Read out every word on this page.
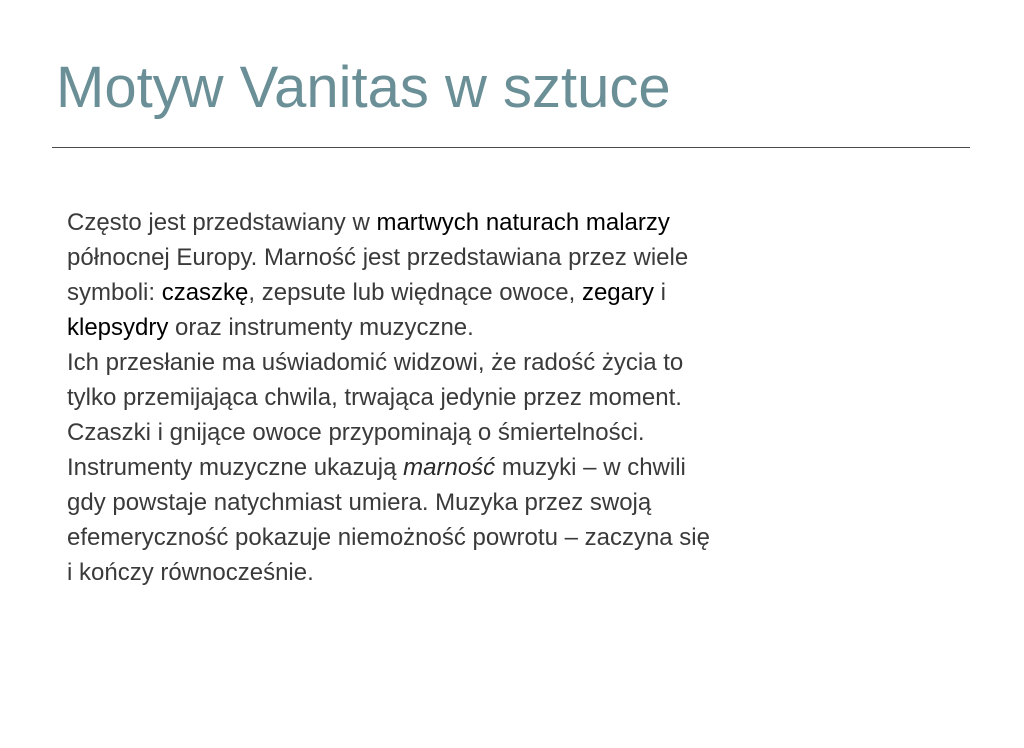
Motyw Vanitas w sztuce
Często jest przedstawiany w martwych naturach malarzy
północnej Europy. Marność jest przedstawiana przez wiele
symboli: czaszkę, zepsute lub więdnące owoce, zegary i
klepsydry oraz instrumenty muzyczne.
Ich przesłanie ma uświadomić widzowi, że radość życia to
tylko przemijająca chwila, trwająca jedynie przez moment.
Czaszki i gnijące owoce przypominają o śmiertelności.
Instrumenty muzyczne ukazują marność muzyki – w chwili
gdy powstaje natychmiast umiera. Muzyka przez swoją
efemeryczność pokazuje niemożność powrotu – zaczyna się
i kończy równocześnie.
